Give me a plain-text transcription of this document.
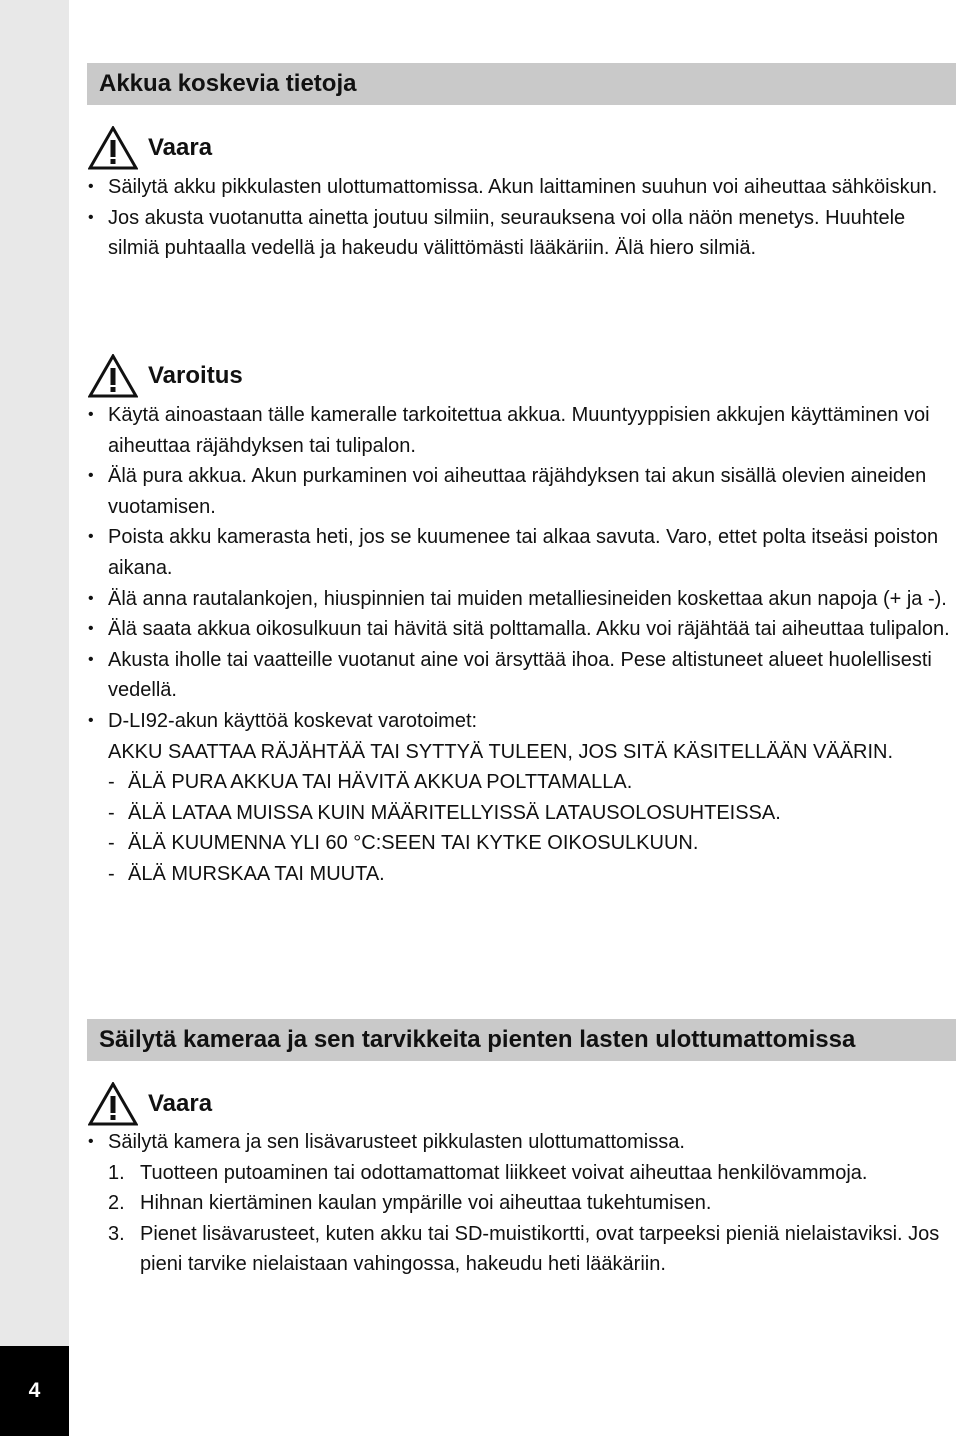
4
Akkua koskevia tietoja
Vaara
• Säilytä akku pikkulasten ulottumattomissa. Akun laittaminen suuhun voi aiheuttaa sähköiskun.
• Jos akusta vuotanutta ainetta joutuu silmiin, seurauksena voi olla näön menetys. Huuhtele silmiä puhtaalla vedellä ja hakeudu välittömästi lääkäriin. Älä hiero silmiä.
Varoitus
• Käytä ainoastaan tälle kameralle tarkoitettua akkua. Muuntyyppisien akkujen käyttäminen voi aiheuttaa räjähdyksen tai tulipalon.
• Älä pura akkua. Akun purkaminen voi aiheuttaa räjähdyksen tai akun sisällä olevien aineiden vuotamisen.
• Poista akku kamerasta heti, jos se kuumenee tai alkaa savuta. Varo, ettet polta itseäsi poiston aikana.
• Älä anna rautalankojen, hiuspinnien tai muiden metalliesineiden koskettaa akun napoja (+ ja -).
• Älä saata akkua oikosulkuun tai hävitä sitä polttamalla. Akku voi räjähtää tai aiheuttaa tulipalon.
• Akusta iholle tai vaatteille vuotanut aine voi ärsyttää ihoa. Pese altistuneet alueet huolellisesti vedellä.
• D-LI92-akun käyttöä koskevat varotoimet:
AKKU SAATTAA RÄJÄHTÄÄ TAI SYTTYÄ TULEEN, JOS SITÄ KÄSITELLÄÄN VÄÄRIN.
- ÄLÄ PURA AKKUA TAI HÄVITÄ AKKUA POLTTAMALLA.
- ÄLÄ LATAA MUISSA KUIN MÄÄRITELLYISSÄ LATAUSOLOSUHTEISSA.
- ÄLÄ KUUMENNA YLI 60 °C:SEEN TAI KYTKE OIKOSULKUUN.
- ÄLÄ MURSKAA TAI MUUTA.
Säilytä kameraa ja sen tarvikkeita pienten lasten ulottumattomissa
Vaara
• Säilytä kamera ja sen lisävarusteet pikkulasten ulottumattomissa.
1. Tuotteen putoaminen tai odottamattomat liikkeet voivat aiheuttaa henkilövammoja.
2. Hihnan kiertäminen kaulan ympärille voi aiheuttaa tukehtumisen.
3. Pienet lisävarusteet, kuten akku tai SD-muistikortti, ovat tarpeeksi pieniä nielaistaviksi. Jos pieni tarvike nielaistaan vahingossa, hakeudu heti lääkäriin.
